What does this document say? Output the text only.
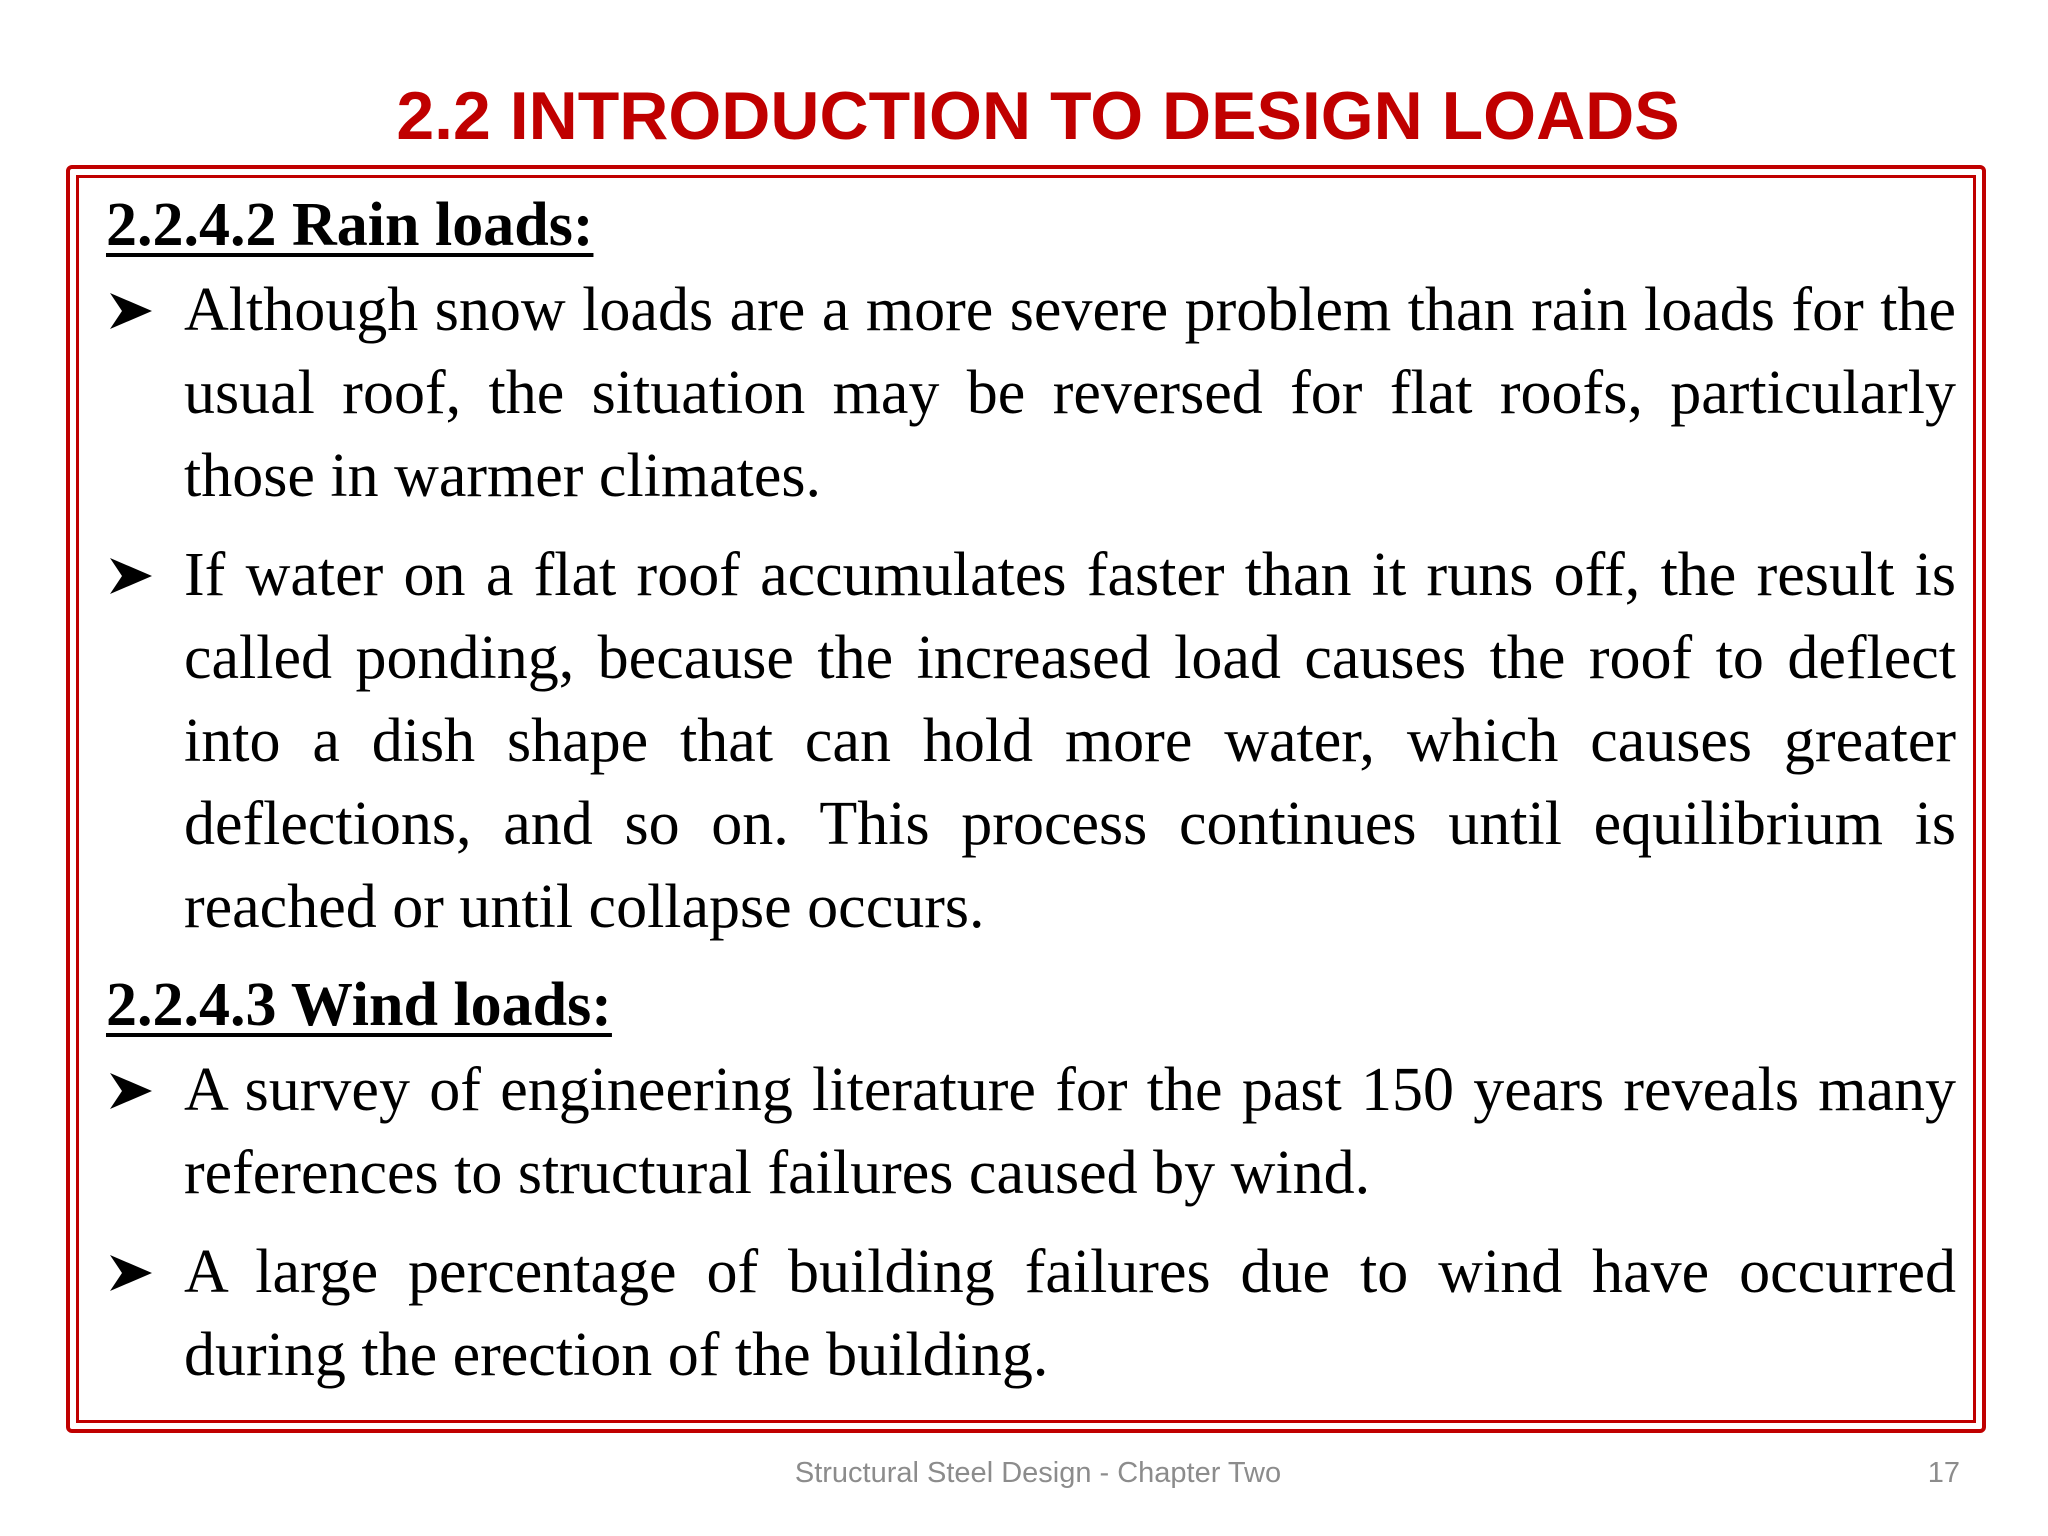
2.2 INTRODUCTION TO DESIGN LOADS
2.2.4.2 Rain loads:
Although snow loads are a more severe problem than rain loads for the usual roof, the situation may be reversed for flat roofs, particularly those in warmer climates.
If water on a flat roof accumulates faster than it runs off, the result is called ponding, because the increased load causes the roof to deflect into a dish shape that can hold more water, which causes greater deflections, and so on. This process continues until equilibrium is reached or until collapse occurs.
2.2.4.3 Wind loads:
A survey of engineering literature for the past 150 years reveals many references to structural failures caused by wind.
A large percentage of building failures due to wind have occurred during the erection of the building.
Structural Steel Design - Chapter Two	17
